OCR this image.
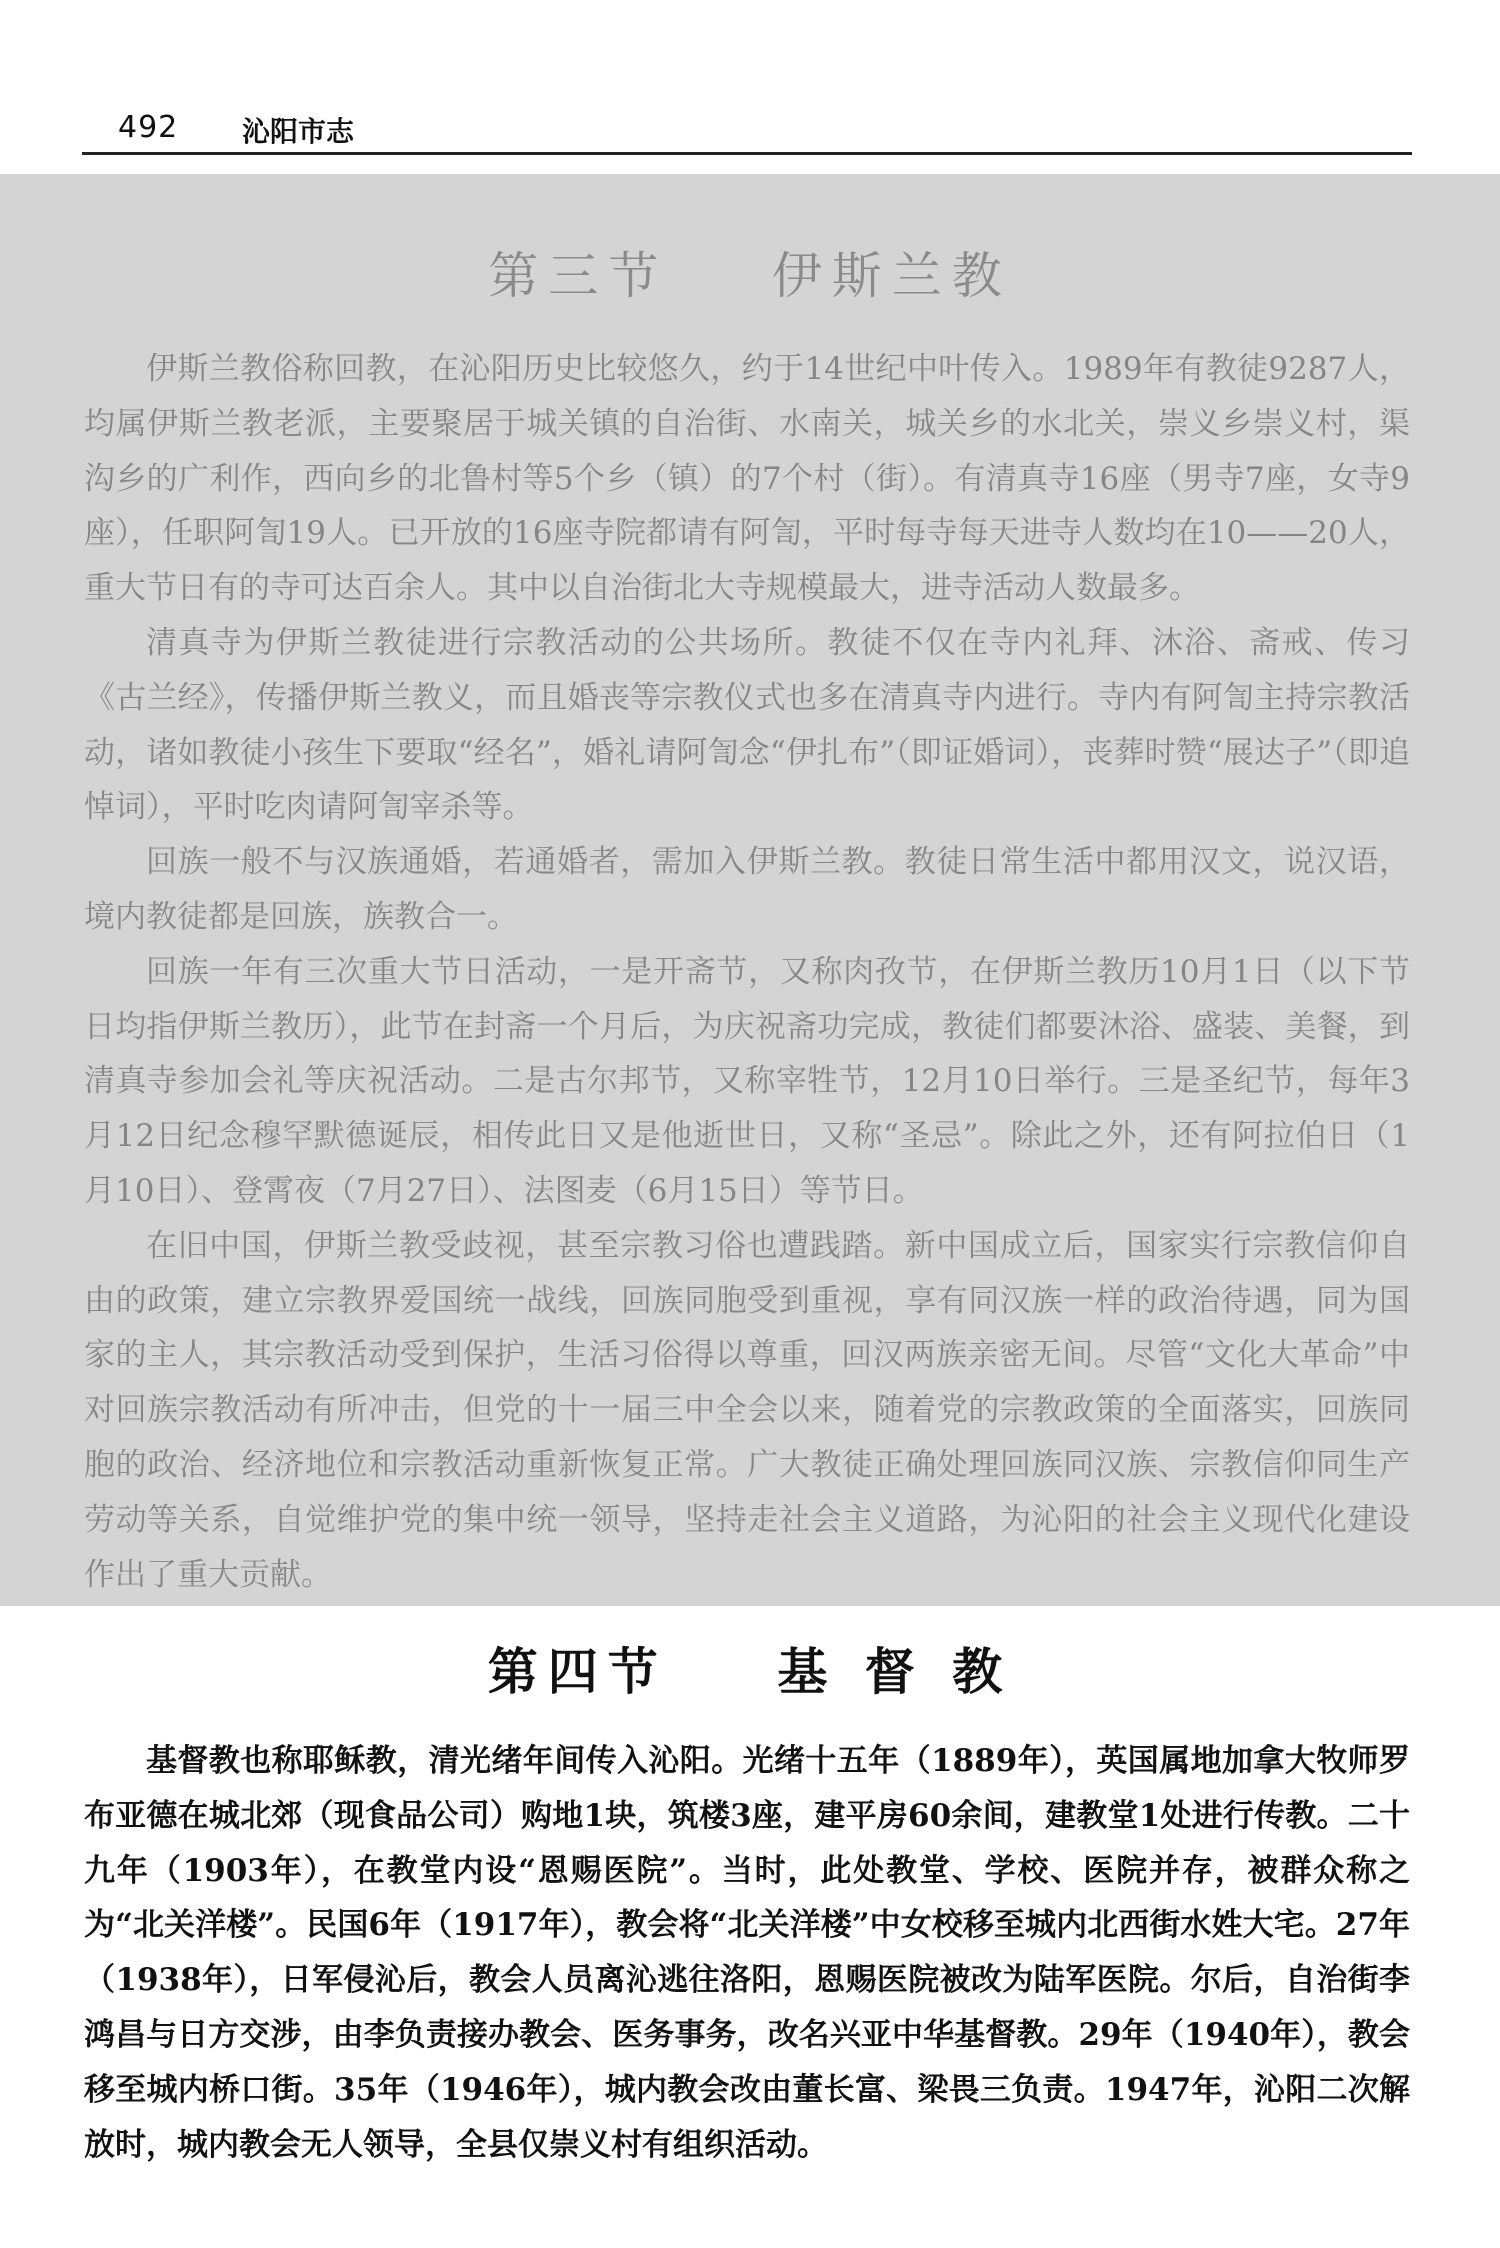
492 沁阳市志
第三节    伊斯兰教

伊斯兰教俗称回教，在沁阳历史比较悠久，约于14世纪中叶传入。1989年有教徒9287人，均属伊斯兰教老派，主要聚居于城关镇的自治街、水南关，城关乡的水北关，崇义乡崇义村，渠沟乡的广利作，西向乡的北鲁村等5个乡（镇）的7个村（街）。有清真寺16座（男寺7座，女寺9座），任职阿訇19人。已开放的16座寺院都请有阿訇，平时每寺每天进寺人数均在10——20人，重大节日有的寺可达百余人。其中以自治街北大寺规模最大，进寺活动人数最多。

清真寺为伊斯兰教徒进行宗教活动的公共场所。教徒不仅在寺内礼拜、沐浴、斋戒、传习《古兰经》，传播伊斯兰教义，而且婚丧等宗教仪式也多在清真寺内进行。寺内有阿訇主持宗教活动，诸如教徒小孩生下要取“经名”，婚礼请阿訇念“伊扎布”（即证婚词），丧葬时赞“展达子”（即追悼词），平时吃肉请阿訇宰杀等。

回族一般不与汉族通婚，若通婚者，需加入伊斯兰教。教徒日常生活中都用汉文，说汉语，境内教徒都是回族，族教合一。

回族一年有三次重大节日活动，一是开斋节，又称肉孜节，在伊斯兰教历10月1日（以下节日均指伊斯兰教历），此节在封斋一个月后，为庆祝斋功完成，教徒们都要沐浴、盛装、美餐，到清真寺参加会礼等庆祝活动。二是古尔邦节，又称宰牲节，12月10日举行。三是圣纪节，每年3月12日纪念穆罕默德诞辰，相传此日又是他逝世日，又称“圣忌”。除此之外，还有阿拉伯日（1月10日）、登霄夜（7月27日）、法图麦（6月15日）等节日。

在旧中国，伊斯兰教受歧视，甚至宗教习俗也遭践踏。新中国成立后，国家实行宗教信仰自由的政策，建立宗教界爱国统一战线，回族同胞受到重视，享有同汉族一样的政治待遇，同为国家的主人，其宗教活动受到保护，生活习俗得以尊重，回汉两族亲密无间。尽管“文化大革命”中对回族宗教活动有所冲击，但党的十一届三中全会以来，随着党的宗教政策的全面落实，回族同胞的政治、经济地位和宗教活动重新恢复正常。广大教徒正确处理回族同汉族、宗教信仰同生产劳动等关系，自觉维护党的集中统一领导，坚持走社会主义道路，为沁阳的社会主义现代化建设作出了重大贡献。

第四节    基 督 教

基督教也称耶稣教，清光绪年间传入沁阳。光绪十五年（1889年），英国属地加拿大牧师罗布亚德在城北郊（现食品公司）购地1块，筑楼3座，建平房60余间，建教堂1处进行传教。二十九年（1903年），在教堂内设“恩赐医院”。当时，此处教堂、学校、医院并存，被群众称之为“北关洋楼”。民国6年（1917年），教会将“北关洋楼”中女校移至城内北西街水姓大宅。27年（1938年），日军侵沁后，教会人员离沁逃往洛阳，恩赐医院被改为陆军医院。尔后，自治街李鸿昌与日方交涉，由李负责接办教会、医务事务，改名兴亚中华基督教。29年（1940年），教会移至城内桥口街。35年（1946年），城内教会改由董长富、梁畏三负责。1947年，沁阳二次解放时，城内教会无人领导，全县仅崇义村有组织活动。
